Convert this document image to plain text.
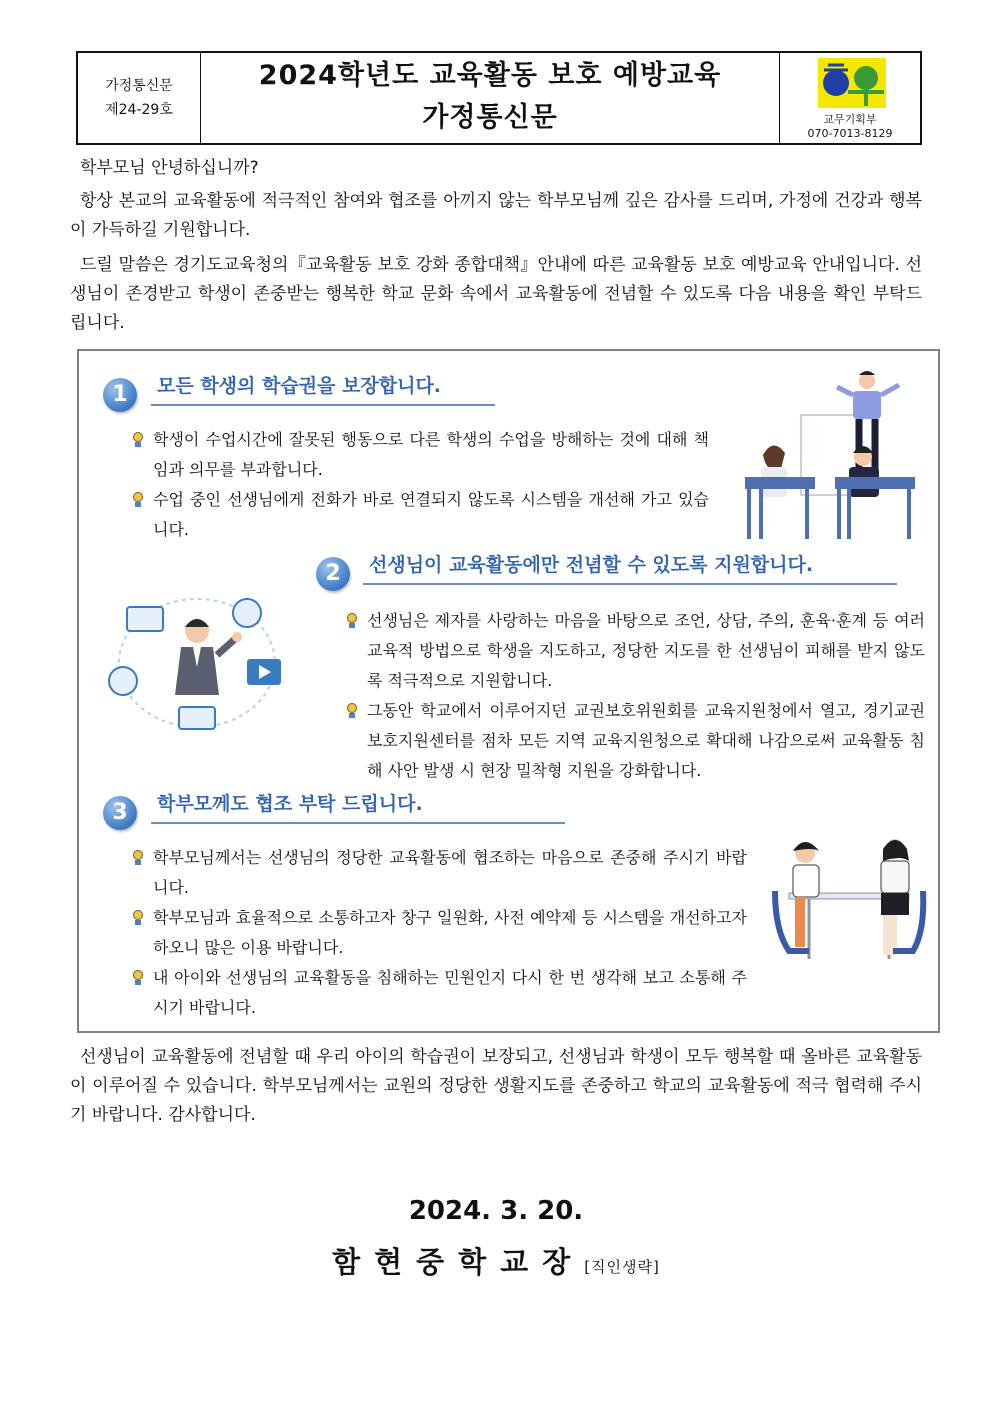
가정통신문
제24-29호
2024학년도 교육활동 보호 예방교육
가정통신문	교무기획부
070-7013-8129
학부모님 안녕하십니까?
항상 본교의 교육활동에 적극적인 참여와 협조를 아끼지 않는 학부모님께 깊은 감사를 드리며, 가정에 건강과 행복이 가득하길 기원합니다.
드릴 말씀은 경기도교육청의『교육활동 보호 강화 종합대책』안내에 따른 교육활동 보호 예방교육 안내입니다. 선생님이 존경받고 학생이 존중받는 행복한 학교 문화 속에서 교육활동에 전념할 수 있도록 다음 내용을 확인 부탁드립니다.
1	모든 학생의 학습권을 보장합니다.
학생이 수업시간에 잘못된 행동으로 다른 학생의 수업을 방해하는 것에 대해 책임과 의무를 부과합니다.
수업 중인 선생님에게 전화가 바로 연결되지 않도록 시스템을 개선해 가고 있습니다.
2	선생님이 교육활동에만 전념할 수 있도록 지원합니다.
선생님은 제자를 사랑하는 마음을 바탕으로 조언, 상담, 주의, 훈육·훈계 등 여러 교육적 방법으로 학생을 지도하고, 정당한 지도를 한 선생님이 피해를 받지 않도록 적극적으로 지원합니다.
그동안 학교에서 이루어지던 교권보호위원회를 교육지원청에서 열고, 경기교권보호지원센터를 점차 모든 지역 교육지원청으로 확대해 나감으로써 교육활동 침해 사안 발생 시 현장 밀착형 지원을 강화합니다.
3	학부모께도 협조 부탁 드립니다.
학부모님께서는 선생님의 정당한 교육활동에 협조하는 마음으로 존중해 주시기 바랍니다.
학부모님과 효율적으로 소통하고자 창구 일원화, 사전 예약제 등 시스템을 개선하고자 하오니 많은 이용 바랍니다.
내 아이와 선생님의 교육활동을 침해하는 민원인지 다시 한 번 생각해 보고 소통해 주시기 바랍니다.
선생님이 교육활동에 전념할 때 우리 아이의 학습권이 보장되고, 선생님과 학생이 모두 행복할 때 올바른 교육활동이 이루어질 수 있습니다. 학부모님께서는 교원의 정당한 생활지도를 존중하고 학교의 교육활동에 적극 협력해 주시기 바랍니다. 감사합니다.
2024. 3. 20.
함현중학교장[직인생략]
